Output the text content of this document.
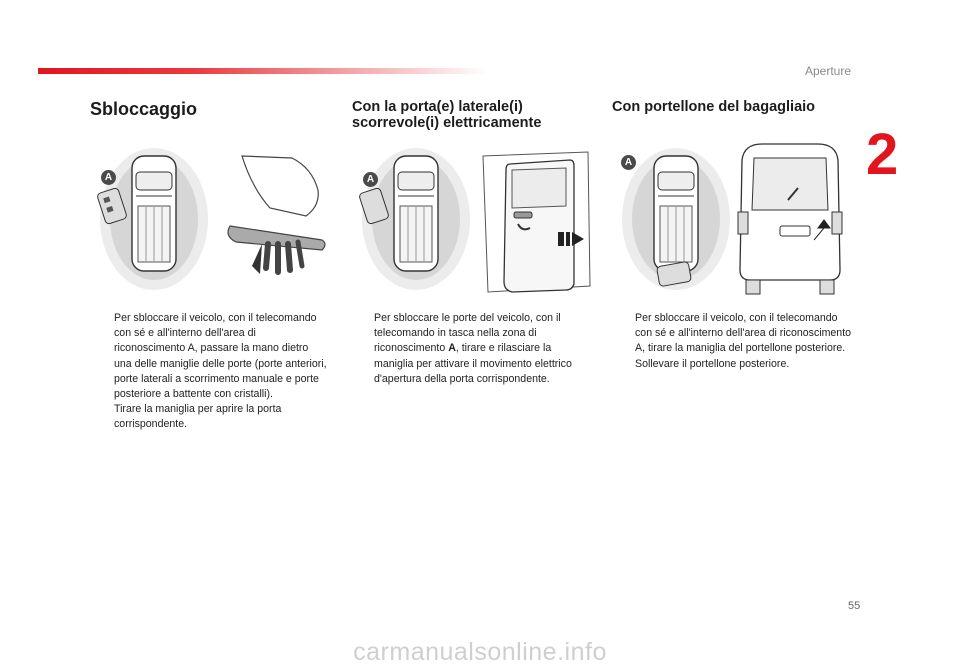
Aperture
2
Sbloccaggio
A

Per sbloccare il veicolo, con il telecomando con sé e all'interno dell'area di riconoscimento A, passare la mano dietro una delle maniglie delle porte (porte anteriori, porte laterali a scorrimento manuale e porte posteriore a battente con cristalli).

Tirare la maniglia per aprire la porta corrispondente.

Con la porta(e) laterale(i)
scorrevole(i) elettricamente
A

Per sbloccare le porte del veicolo, con il telecomando in tasca nella zona di riconoscimento A, tirare e rilasciare la maniglia per attivare il movimento elettrico d'apertura della porta corrispondente.

Con portellone del bagagliaio
A

Per sbloccare il veicolo, con il telecomando con sé e all'interno dell'area di riconoscimento A, tirare la maniglia del portellone posteriore.

Sollevare il portellone posteriore.

55
carmanualsonline.info
